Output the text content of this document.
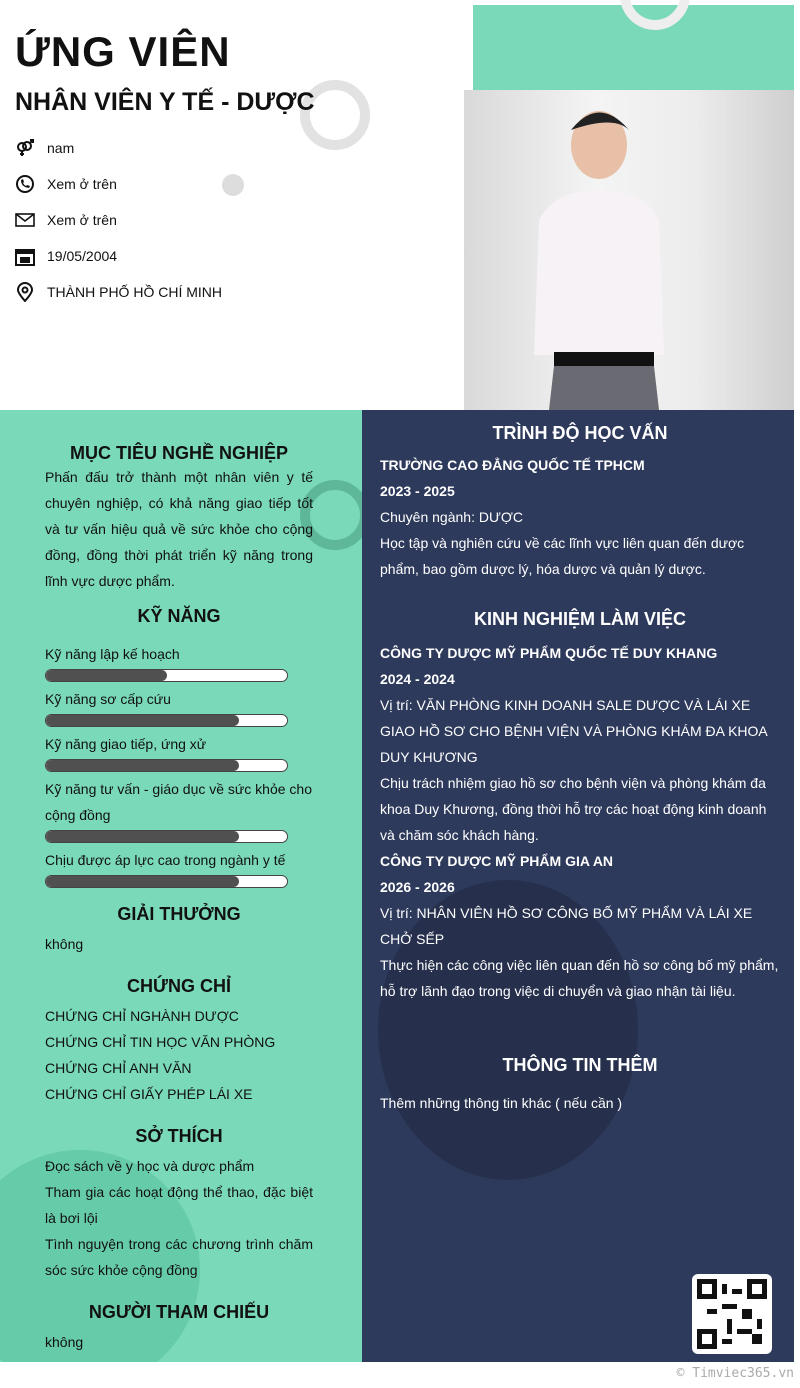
ỨNG VIÊN
NHÂN VIÊN Y TẾ - DƯỢC
nam
Xem ở trên
Xem ở trên
19/05/2004
THÀNH PHỐ HỒ CHÍ MINH
MỤC TIÊU NGHỀ NGHIỆP
Phấn đấu trở thành một nhân viên y tế chuyên nghiệp, có khả năng giao tiếp tốt và tư vấn hiệu quả về sức khỏe cho cộng đồng, đồng thời phát triển kỹ năng trong lĩnh vực dược phẩm.
KỸ NĂNG
Kỹ năng lập kế hoạch
Kỹ năng sơ cấp cứu
Kỹ năng giao tiếp, ứng xử
Kỹ năng tư vấn - giáo dục về sức khỏe cho cộng đồng
Chịu được áp lực cao trong ngành y tế
GIẢI THƯỞNG
không
CHỨNG CHỈ
CHỨNG CHỈ NGHÀNH DƯỢC
CHỨNG CHỈ TIN HỌC VĂN PHÒNG
CHỨNG CHỈ ANH VĂN
CHỨNG CHỈ GIẤY PHÉP LÁI XE
SỞ THÍCH
Đọc sách về y học và dược phẩm
Tham gia các hoạt động thể thao, đặc biệt là bơi lội
Tình nguyện trong các chương trình chăm sóc sức khỏe cộng đồng
NGƯỜI THAM CHIẾU
không
TRÌNH ĐỘ HỌC VẤN
TRƯỜNG CAO ĐẲNG QUỐC TẾ TPHCM
2023 - 2025
Chuyên ngành: DƯỢC
Học tập và nghiên cứu về các lĩnh vực liên quan đến dược phẩm, bao gồm dược lý, hóa dược và quản lý dược.
KINH NGHIỆM LÀM VIỆC
CÔNG TY DƯỢC MỸ PHẨM QUỐC TẾ DUY KHANG
2024 - 2024
Vị trí: VĂN PHÒNG KINH DOANH SALE DƯỢC VÀ LÁI XE GIAO HỒ SƠ CHO BỆNH VIỆN VÀ PHÒNG KHÁM ĐA KHOA DUY KHƯƠNG
Chịu trách nhiệm giao hồ sơ cho bệnh viện và phòng khám đa khoa Duy Khương, đồng thời hỗ trợ các hoạt động kinh doanh và chăm sóc khách hàng.
CÔNG TY DƯỢC MỸ PHẨM GIA AN
2026 - 2026
Vị trí: NHÂN VIÊN HỒ SƠ CÔNG BỐ MỸ PHẨM VÀ LÁI XE CHỞ SẾP
Thực hiện các công việc liên quan đến hồ sơ công bố mỹ phẩm, hỗ trợ lãnh đạo trong việc di chuyển và giao nhận tài liệu.
THÔNG TIN THÊM
Thêm những thông tin khác ( nếu cần )
© Timviec365.vn
